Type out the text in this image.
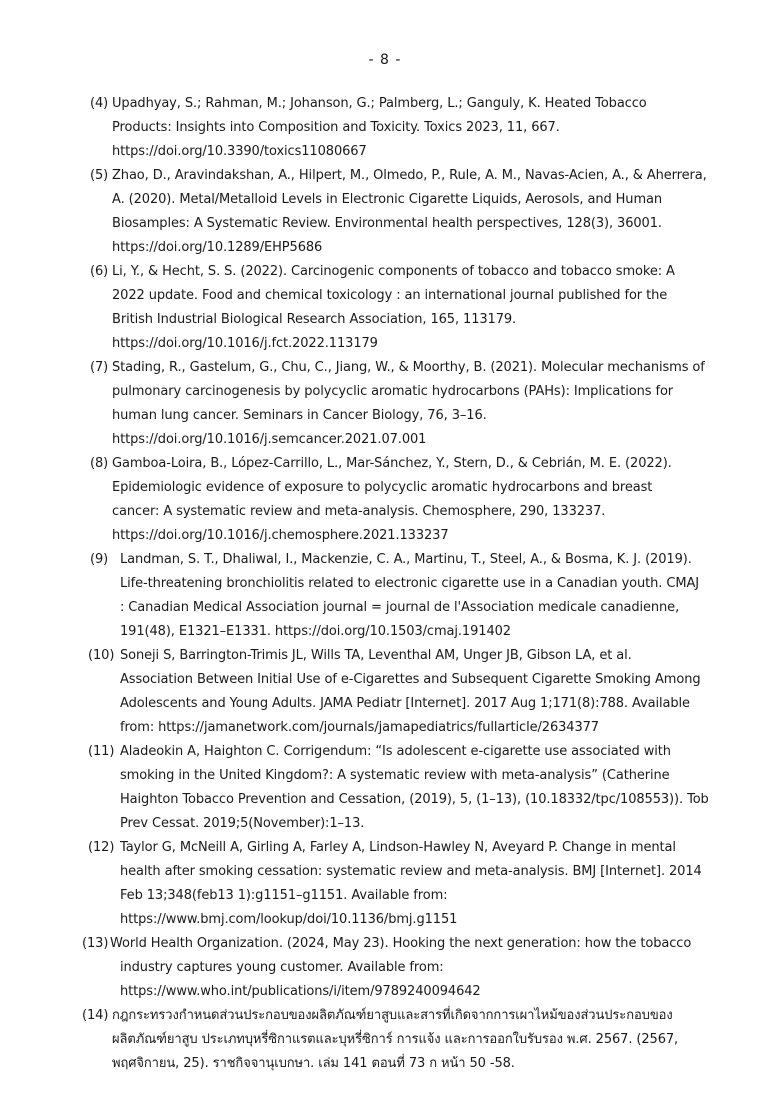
- 8 -
(4) Upadhyay, S.; Rahman, M.; Johanson, G.; Palmberg, L.; Ganguly, K. Heated Tobacco
Products: Insights into Composition and Toxicity. Toxics 2023, 11, 667.
https://doi.org/10.3390/toxics11080667
(5) Zhao, D., Aravindakshan, A., Hilpert, M., Olmedo, P., Rule, A. M., Navas-Acien, A., & Aherrera,
A. (2020). Metal/Metalloid Levels in Electronic Cigarette Liquids, Aerosols, and Human
Biosamples: A Systematic Review. Environmental health perspectives, 128(3), 36001.
https://doi.org/10.1289/EHP5686
(6) Li, Y., & Hecht, S. S. (2022). Carcinogenic components of tobacco and tobacco smoke: A
2022 update. Food and chemical toxicology : an international journal published for the
British Industrial Biological Research Association, 165, 113179.
https://doi.org/10.1016/j.fct.2022.113179
(7) Stading, R., Gastelum, G., Chu, C., Jiang, W., & Moorthy, B. (2021). Molecular mechanisms of
pulmonary carcinogenesis by polycyclic aromatic hydrocarbons (PAHs): Implications for
human lung cancer. Seminars in Cancer Biology, 76, 3–16.
https://doi.org/10.1016/j.semcancer.2021.07.001
(8) Gamboa-Loira, B., López-Carrillo, L., Mar-Sánchez, Y., Stern, D., & Cebrián, M. E. (2022).
Epidemiologic evidence of exposure to polycyclic aromatic hydrocarbons and breast
cancer: A systematic review and meta-analysis. Chemosphere, 290, 133237.
https://doi.org/10.1016/j.chemosphere.2021.133237
(9) Landman, S. T., Dhaliwal, I., Mackenzie, C. A., Martinu, T., Steel, A., & Bosma, K. J. (2019).
Life-threatening bronchiolitis related to electronic cigarette use in a Canadian youth. CMAJ
: Canadian Medical Association journal = journal de l'Association medicale canadienne,
191(48), E1321–E1331. https://doi.org/10.1503/cmaj.191402
(10) Soneji S, Barrington-Trimis JL, Wills TA, Leventhal AM, Unger JB, Gibson LA, et al.
Association Between Initial Use of e-Cigarettes and Subsequent Cigarette Smoking Among
Adolescents and Young Adults. JAMA Pediatr [Internet]. 2017 Aug 1;171(8):788. Available
from: https://jamanetwork.com/journals/jamapediatrics/fullarticle/2634377
(11) Aladeokin A, Haighton C. Corrigendum: “Is adolescent e-cigarette use associated with
smoking in the United Kingdom?: A systematic review with meta-analysis” (Catherine
Haighton Tobacco Prevention and Cessation, (2019), 5, (1–13), (10.18332/tpc/108553)). Tob
Prev Cessat. 2019;5(November):1–13.
(12) Taylor G, McNeill A, Girling A, Farley A, Lindson-Hawley N, Aveyard P. Change in mental
health after smoking cessation: systematic review and meta-analysis. BMJ [Internet]. 2014
Feb 13;348(feb13 1):g1151–g1151. Available from:
https://www.bmj.com/lookup/doi/10.1136/bmj.g1151
(13) World Health Organization. (2024, May 23). Hooking the next generation: how the tobacco
industry captures young customer. Available from:
https://www.who.int/publications/i/item/9789240094642
(14) กฎกระทรวงกำหนดส่วนประกอบของผลิตภัณฑ์ยาสูบและสารที่เกิดจากการเผาไหม้ของส่วนประกอบของ
ผลิตภัณฑ์ยาสูบ ประเภทบุหรี่ซิกาแรตและบุหรี่ซิการ์ การแจ้ง และการออกใบรับรอง พ.ศ. 2567. (2567,
พฤศจิกายน, 25). ราชกิจจานุเบกษา. เล่ม 141 ตอนที่ 73 ก หน้า 50 -58.
